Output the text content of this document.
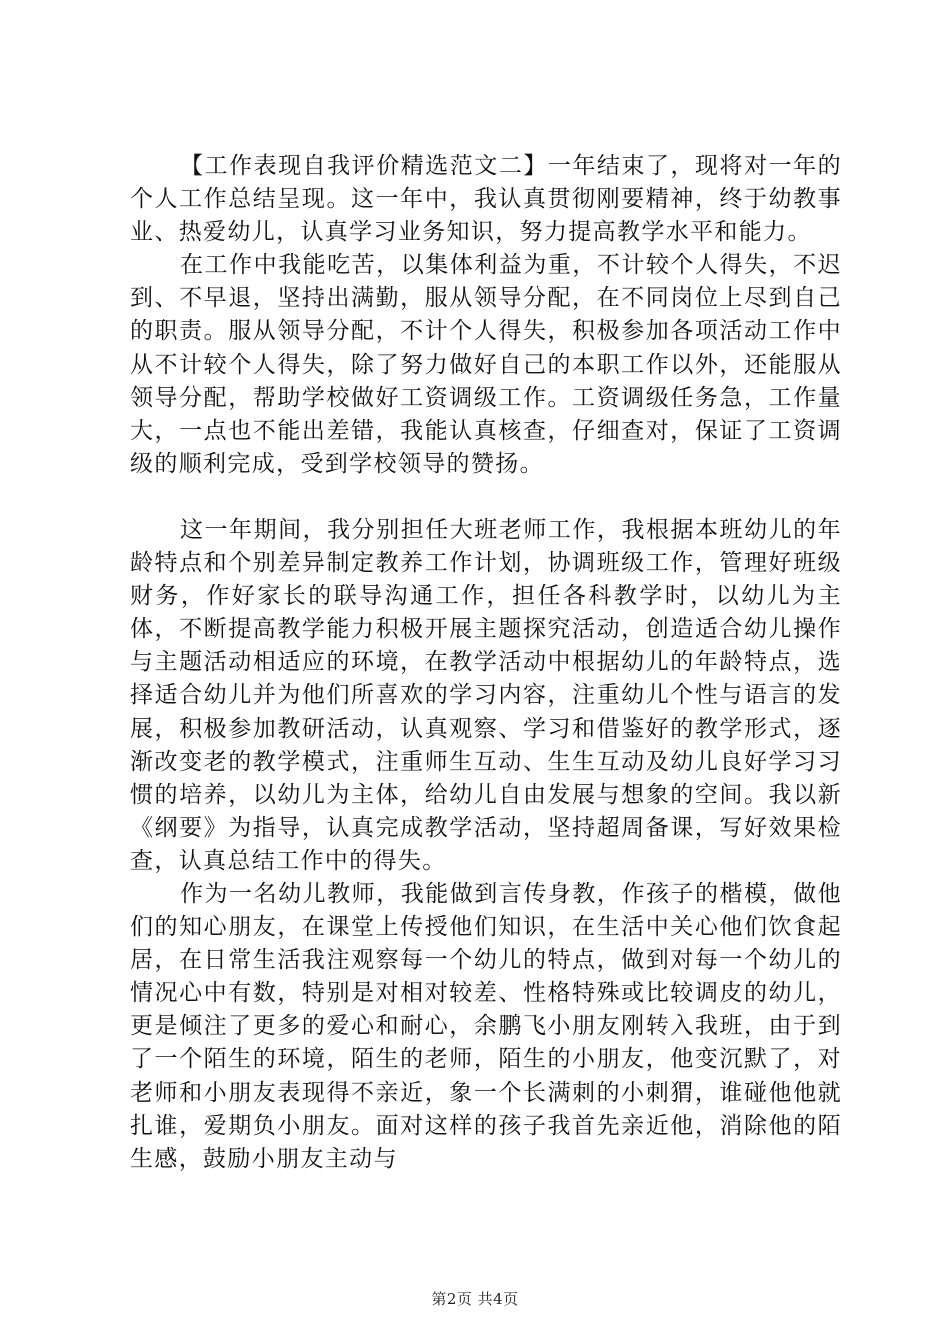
【工作表现自我评价精选范文二】一年结束了，现将对一年的个人工作总结呈现。这一年中，我认真贯彻刚要精神，终于幼教事业、热爱幼儿，认真学习业务知识，努力提高教学水平和能力。

在工作中我能吃苦，以集体利益为重，不计较个人得失，不迟到、不早退，坚持出满勤，服从领导分配，在不同岗位上尽到自己的职责。服从领导分配，不计个人得失，积极参加各项活动工作中从不计较个人得失，除了努力做好自己的本职工作以外，还能服从领导分配，帮助学校做好工资调级工作。工资调级任务急，工作量大，一点也不能出差错，我能认真核查，仔细查对，保证了工资调级的顺利完成，受到学校领导的赞扬。

这一年期间，我分别担任大班老师工作，我根据本班幼儿的年龄特点和个别差异制定教养工作计划，协调班级工作，管理好班级财务，作好家长的联导沟通工作，担任各科教学时，以幼儿为主体，不断提高教学能力积极开展主题探究活动，创造适合幼儿操作与主题活动相适应的环境，在教学活动中根据幼儿的年龄特点，选择适合幼儿并为他们所喜欢的学习内容，注重幼儿个性与语言的发展，积极参加教研活动，认真观察、学习和借鉴好的教学形式，逐渐改变老的教学模式，注重师生互动、生生互动及幼儿良好学习习惯的培养，以幼儿为主体，给幼儿自由发展与想象的空间。我以新《纲要》为指导，认真完成教学活动，坚持超周备课，写好效果检查，认真总结工作中的得失。

作为一名幼儿教师，我能做到言传身教，作孩子的楷模，做他们的知心朋友，在课堂上传授他们知识，在生活中关心他们饮食起居，在日常生活我注观察每一个幼儿的特点，做到对每一个幼儿的情况心中有数，特别是对相对较差、性格特殊或比较调皮的幼儿，更是倾注了更多的爱心和耐心，余鹏飞小朋友刚转入我班，由于到了一个陌生的环境，陌生的老师，陌生的小朋友，他变沉默了，对老师和小朋友表现得不亲近，象一个长满刺的小刺猬，谁碰他他就扎谁，爱期负小朋友。面对这样的孩子我首先亲近他，消除他的陌生感，鼓励小朋友主动与

第2页 共4页
